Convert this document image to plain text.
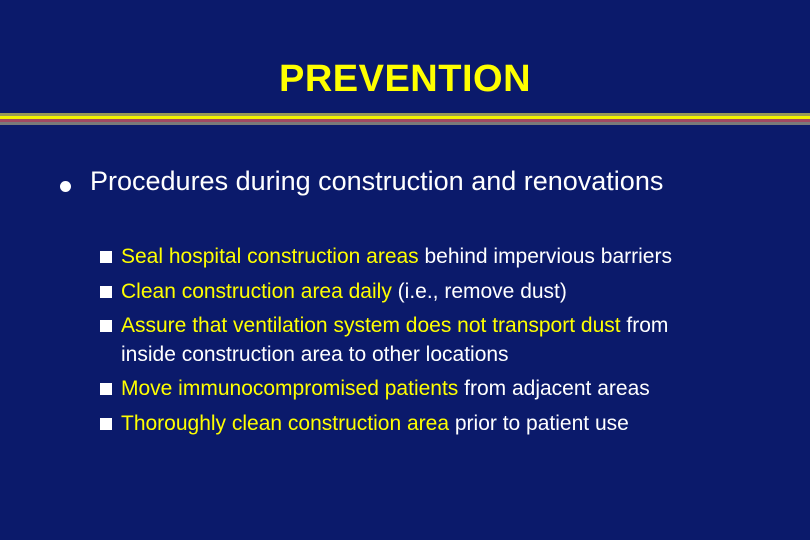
PREVENTION
Procedures during construction and renovations
Seal hospital construction areas behind impervious barriers
Clean construction area daily (i.e., remove dust)
Assure that ventilation system does not transport dust from inside construction area to other locations
Move immunocompromised patients from adjacent areas
Thoroughly clean construction area prior to patient use
